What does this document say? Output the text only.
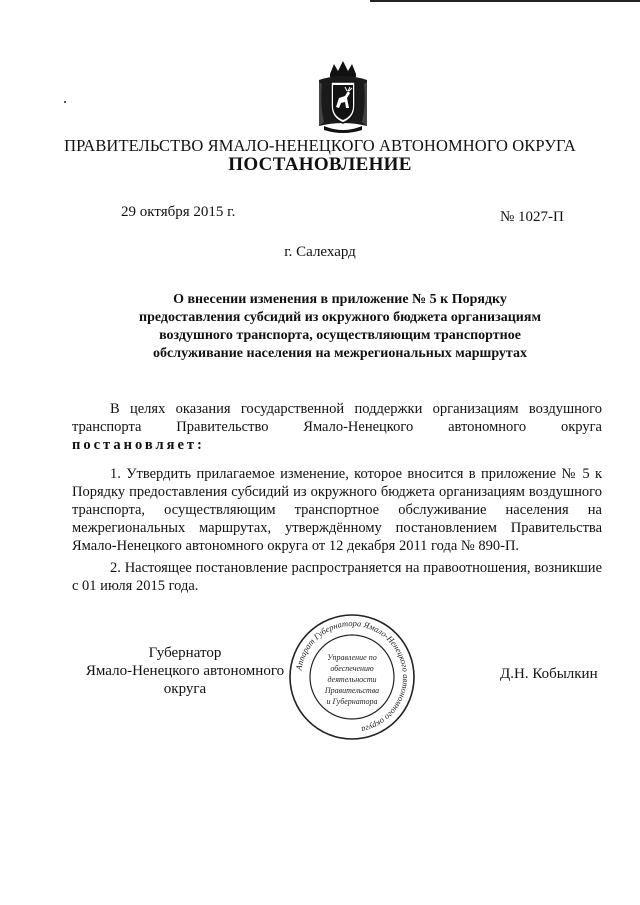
ПРАВИТЕЛЬСТВО ЯМАЛО-НЕНЕЦКОГО АВТОНОМНОГО ОКРУГА
ПОСТАНОВЛЕНИЕ
29 октября 2015 г.	№ 1027-П
г. Салехард
О внесении изменения в приложение № 5 к Порядку
предоставления субсидий из окружного бюджета организациям
воздушного транспорта, осуществляющим транспортное
обслуживание населения на межрегиональных маршрутах
В целях оказания государственной поддержки организациям воздушного транспорта Правительство Ямало-Ненецкого автономного округа постановляет:
1. Утвердить прилагаемое изменение, которое вносится в приложение № 5 к Порядку предоставления субсидий из окружного бюджета организациям воздушного транспорта, осуществляющим транспортное обслуживание населения на межрегиональных маршрутах, утверждённому постановлением Правительства Ямало-Ненецкого автономного округа от 12 декабря 2011 года № 890-П.
2. Настоящее постановление распространяется на правоотношения, возникшие с 01 июля 2015 года.
Губернатор
Ямало-Ненецкого автономного округа
Д.Н. Кобылкин
Аппарат Губернатора Ямало-Ненецкого автономного округа
Управление по
обеспечению
деятельности
Правительства
и Губернатора
